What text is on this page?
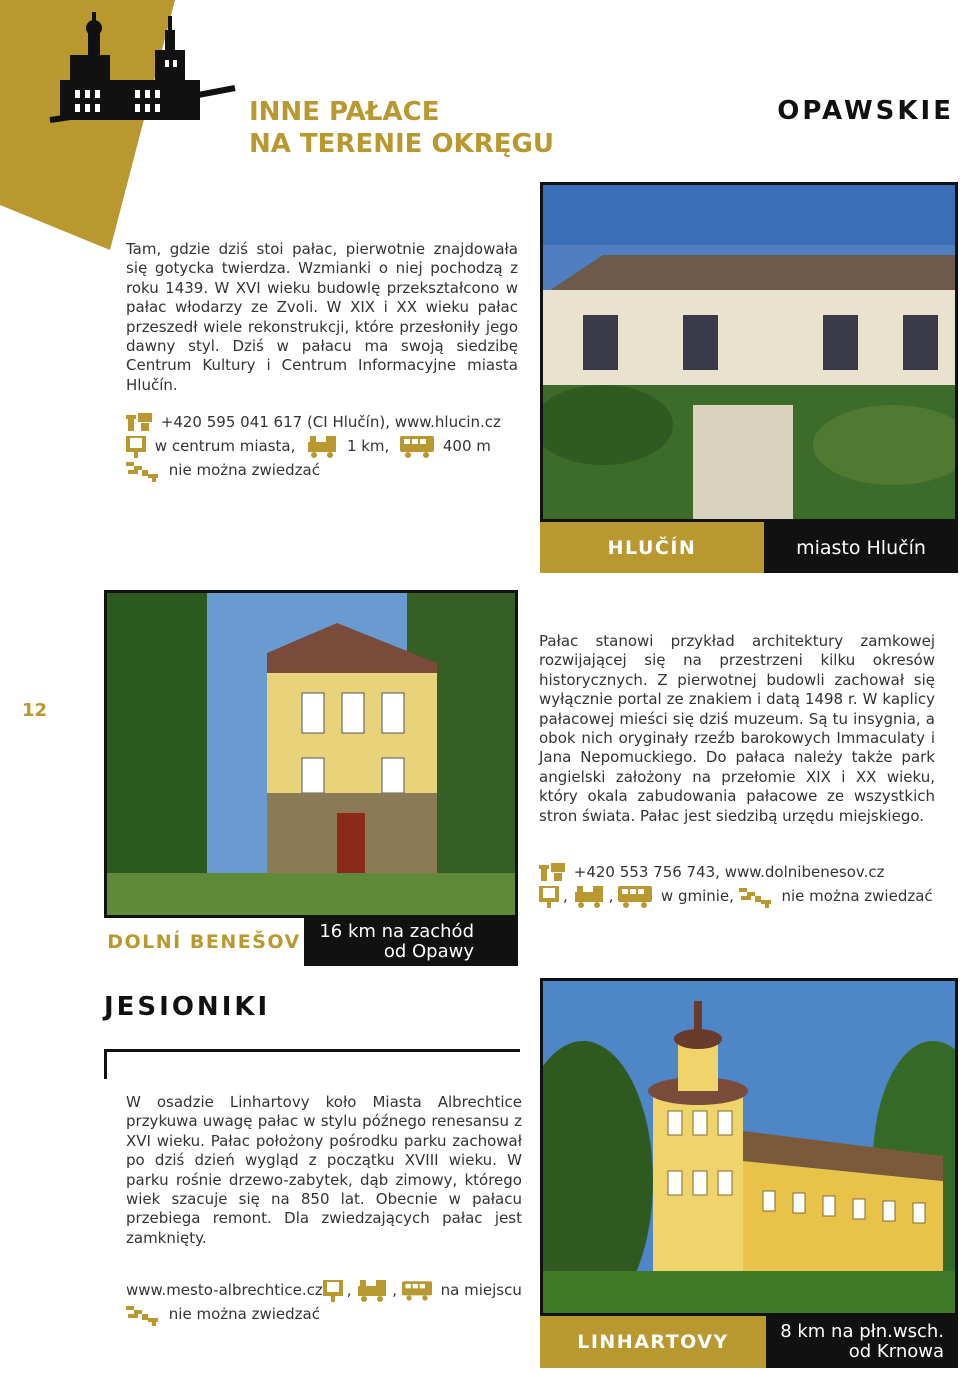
INNE PAŁACE
NA TERENIE OKRĘGU
OPAWSKIE
Tam, gdzie dziś stoi pałac, pierwotnie znajdowała się gotycka twierdza. Wzmianki o niej pochodzą z roku 1439. W XVI wieku budowlę przekształcono w pałac włodarzy ze Zvoli. W XIX i XX wieku pałac przeszedł wiele rekonstrukcji, które przesłoniły jego dawny styl. Dziś w pałacu ma swoją siedzibę Centrum Kultury i Centrum Informacyjne miasta Hlučín.
+420 595 041 617 (CI Hlučín), www.hlucin.cz
w centrum miasta,	1 km,	400 m
nie można zwiedzać
HLUČÍN	miasto Hlučín
12
Pałac stanowi przykład architektury zamkowej rozwijającej się na przestrzeni kilku okresów historycznych. Z pierwotnej budowli zachował się wyłącznie portal ze znakiem i datą 1498 r. W kaplicy pałacowej mieści się dziś muzeum. Są tu insygnia, a obok nich oryginały rzeźb barokowych Immaculaty i Jana Nepomuckiego. Do pałaca należy także park angielski założony na przełomie XIX i XX wieku, który okala zabudowania pałacowe ze wszystkich stron świata. Pałac jest siedzibą urzędu miejskiego.
+420 553 756 743, www.dolnibenesov.cz
,	,	w gminie,	nie można zwiedzać
DOLNÍ BENEŠOV 16 km na zachód
od Opawy
JESIONIKI
W osadzie Linhartovy koło Miasta Albrechtice przykuwa uwagę pałac w stylu późnego renesansu z XVI wieku. Pałac położony pośrodku parku zachował po dziś dzień wygląd z początku XVIII wieku. W parku rośnie drzewo-zabytek, dąb zimowy, którego wiek szacuje się na 850 lat. Obecnie w pałacu przebiega remont. Dla zwiedzających pałac jest zamknięty.
www.mesto-albrechtice.cz ,	,	na miejscu
nie można zwiedzać
LINHARTOVY	8 km na płn.wsch.
od Krnowa
